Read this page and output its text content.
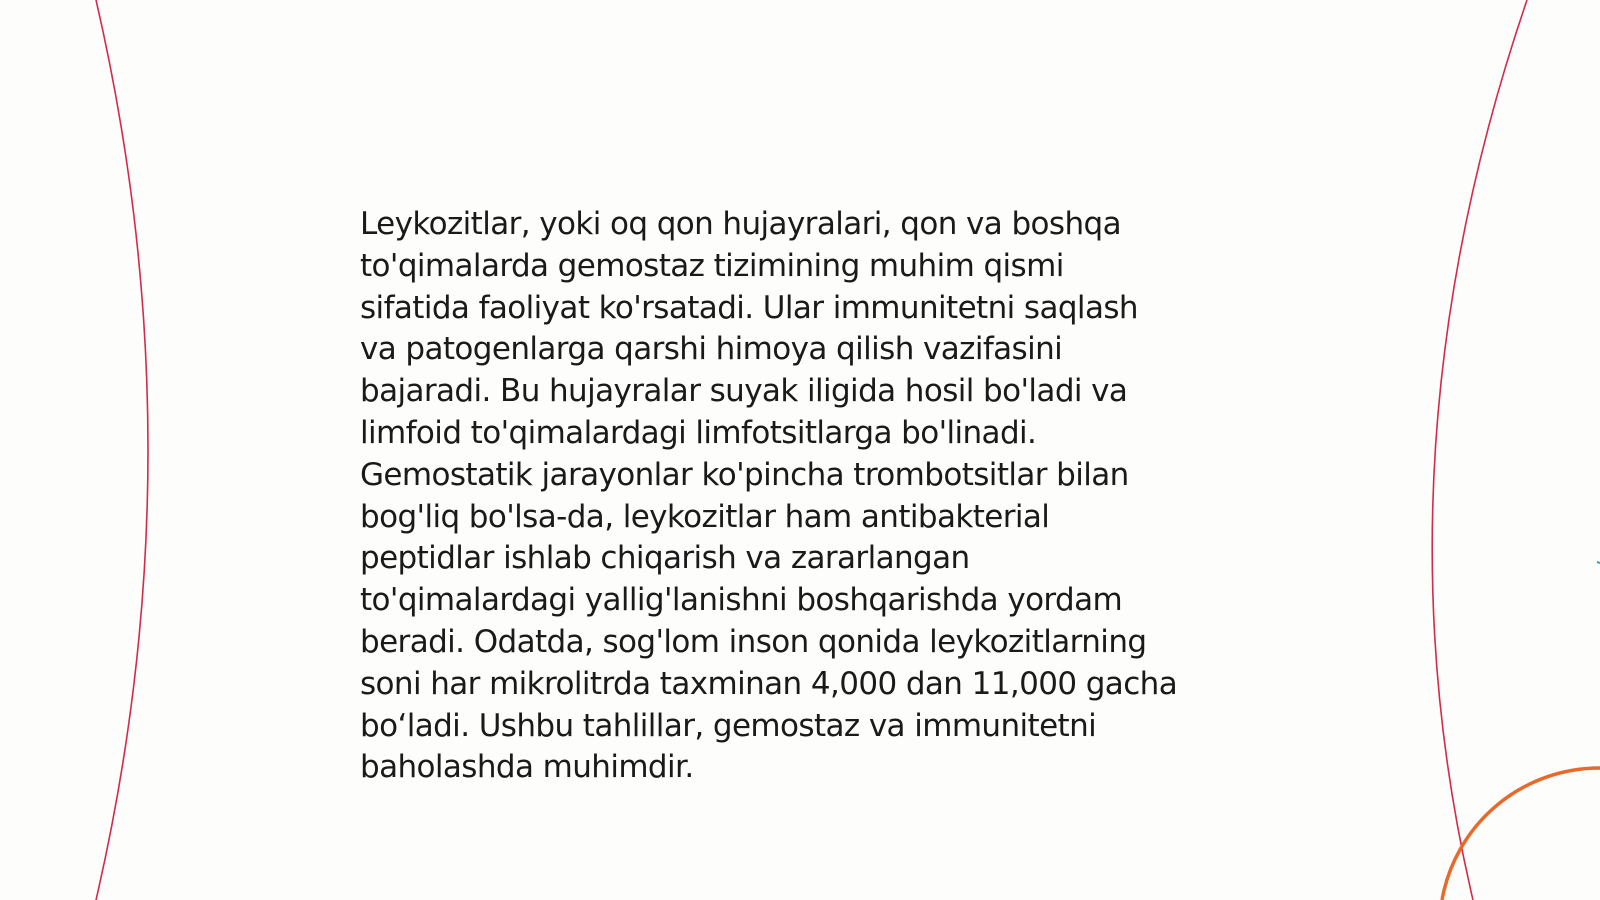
Leykozitlar, yoki oq qon hujayralari, qon va boshqa
to'qimalarda gemostaz tizimining muhim qismi
sifatida faoliyat ko'rsatadi. Ular immunitetni saqlash
va patogenlarga qarshi himoya qilish vazifasini
bajaradi. Bu hujayralar suyak iligida hosil bo'ladi va
limfoid to'qimalardagi limfotsitlarga bo'linadi.
Gemostatik jarayonlar ko'pincha trombotsitlar bilan
bog'liq bo'lsa-da, leykozitlar ham antibakterial
peptidlar ishlab chiqarish va zararlangan
to'qimalardagi yallig'lanishni boshqarishda yordam
beradi. Odatda, sog'lom inson qonida leykozitlarning
soni har mikrolitrda taxminan 4,000 dan 11,000 gacha
bo‘ladi. Ushbu tahlillar, gemostaz va immunitetni
baholashda muhimdir.
